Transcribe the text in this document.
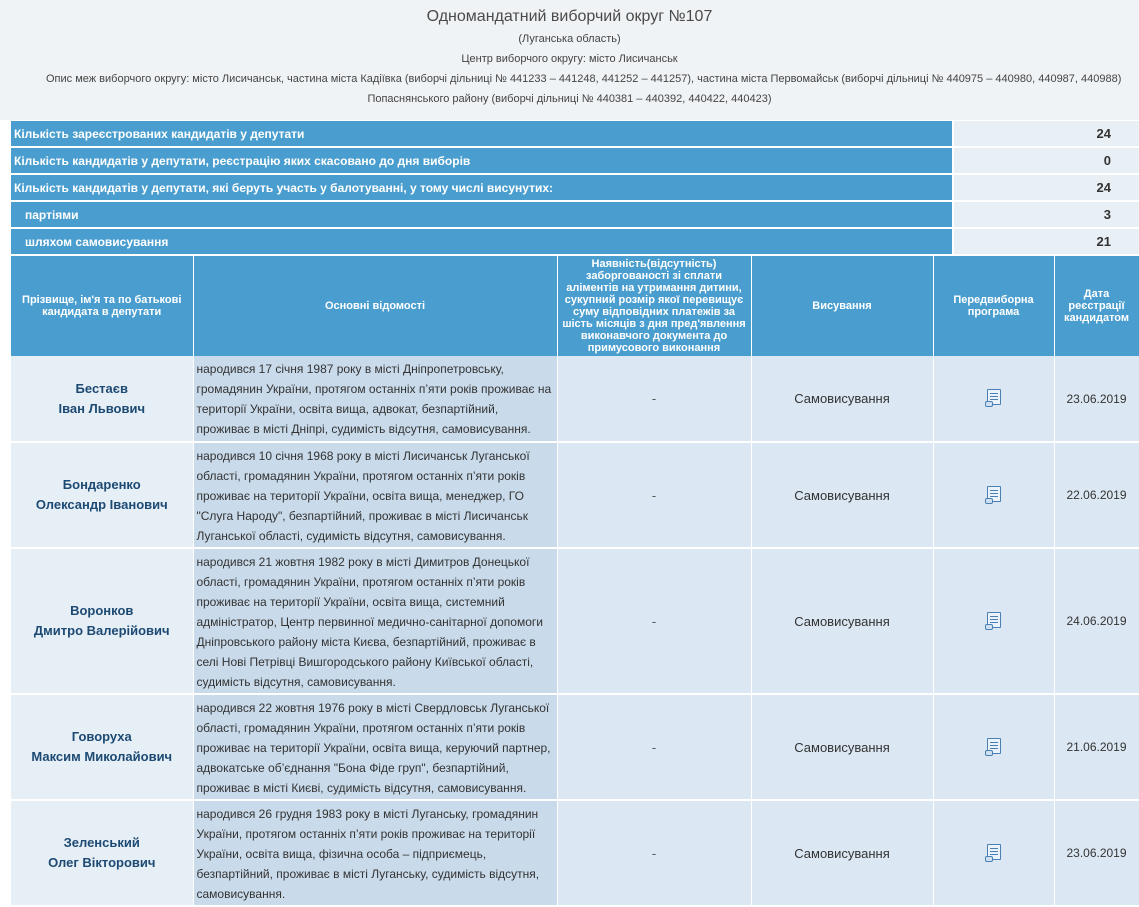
Одномандатний виборчий округ №107
(Луганська область)
Центр виборчого округу: місто Лисичанськ
Опис меж виборчого округу: місто Лисичанськ, частина міста Кадіївка (виборчі дільниці № 441233 – 441248, 441252 – 441257), частина міста Первомайськ (виборчі дільниці № 440975 – 440980, 440987, 440988)
Попаснянського району (виборчі дільниці № 440381 – 440392, 440422, 440423)
Кількість зареєстрованих кандидатів у депутати	24
Кількість кандидатів у депутати, реєстрацію яких скасовано до дня виборів	0
Кількість кандидатів у депутати, які беруть участь у балотуванні, у тому числі висунутих:	24
партіями	3
шляхом самовисування	21
Прізвище, ім'я та по батькові кандидата в депутати	Основні відомості	Наявність(відсутність) заборгованості зі сплати аліментів на утримання дитини, сукупний розмір якої перевищує суму відповідних платежів за шість місяців з дня пред'явлення виконавчого документа до примусового виконання	Висування	Передвиборна програма	Дата реєстрації кандидатом
Бестаєв
Іван Львович	народився 17 січня 1987 року в місті Дніпропетровську, громадянин України, протягом останніх п’яти років проживає на території України, освіта вища, адвокат, безпартійний, проживає в місті Дніпрі, судимість відсутня, самовисування.	-	Самовисування		23.06.2019
Бондаренко
Олександр Іванович	народився 10 січня 1968 року в місті Лисичанськ Луганської області, громадянин України, протягом останніх п’яти років проживає на території України, освіта вища, менеджер, ГО "Слуга Народу", безпартійний, проживає в місті Лисичанськ Луганської області, судимість відсутня, самовисування.	-	Самовисування		22.06.2019
Воронков
Дмитро Валерійович	народився 21 жовтня 1982 року в місті Димитров Донецької області, громадянин України, протягом останніх п’яти років проживає на території України, освіта вища, системний адміністратор, Центр первинної медично-санітарної допомоги Дніпровського району міста Києва, безпартійний, проживає в селі Нові Петрівці Вишгородського району Київської області, судимість відсутня, самовисування.	-	Самовисування		24.06.2019
Говоруха
Максим Миколайович	народився 22 жовтня 1976 року в місті Свердловськ Луганської області, громадянин України, протягом останніх п’яти років проживає на території України, освіта вища, керуючий партнер, адвокатське об’єднання "Бона Фіде груп", безпартійний, проживає в місті Києві, судимість відсутня, самовисування.	-	Самовисування		21.06.2019
Зеленський
Олег Вікторович	народився 26 грудня 1983 року в місті Луганську, громадянин України, протягом останніх п’яти років проживає на території України, освіта вища, фізична особа – підприємець, безпартійний, проживає в місті Луганську, судимість відсутня, самовисування.	-	Самовисування		23.06.2019
